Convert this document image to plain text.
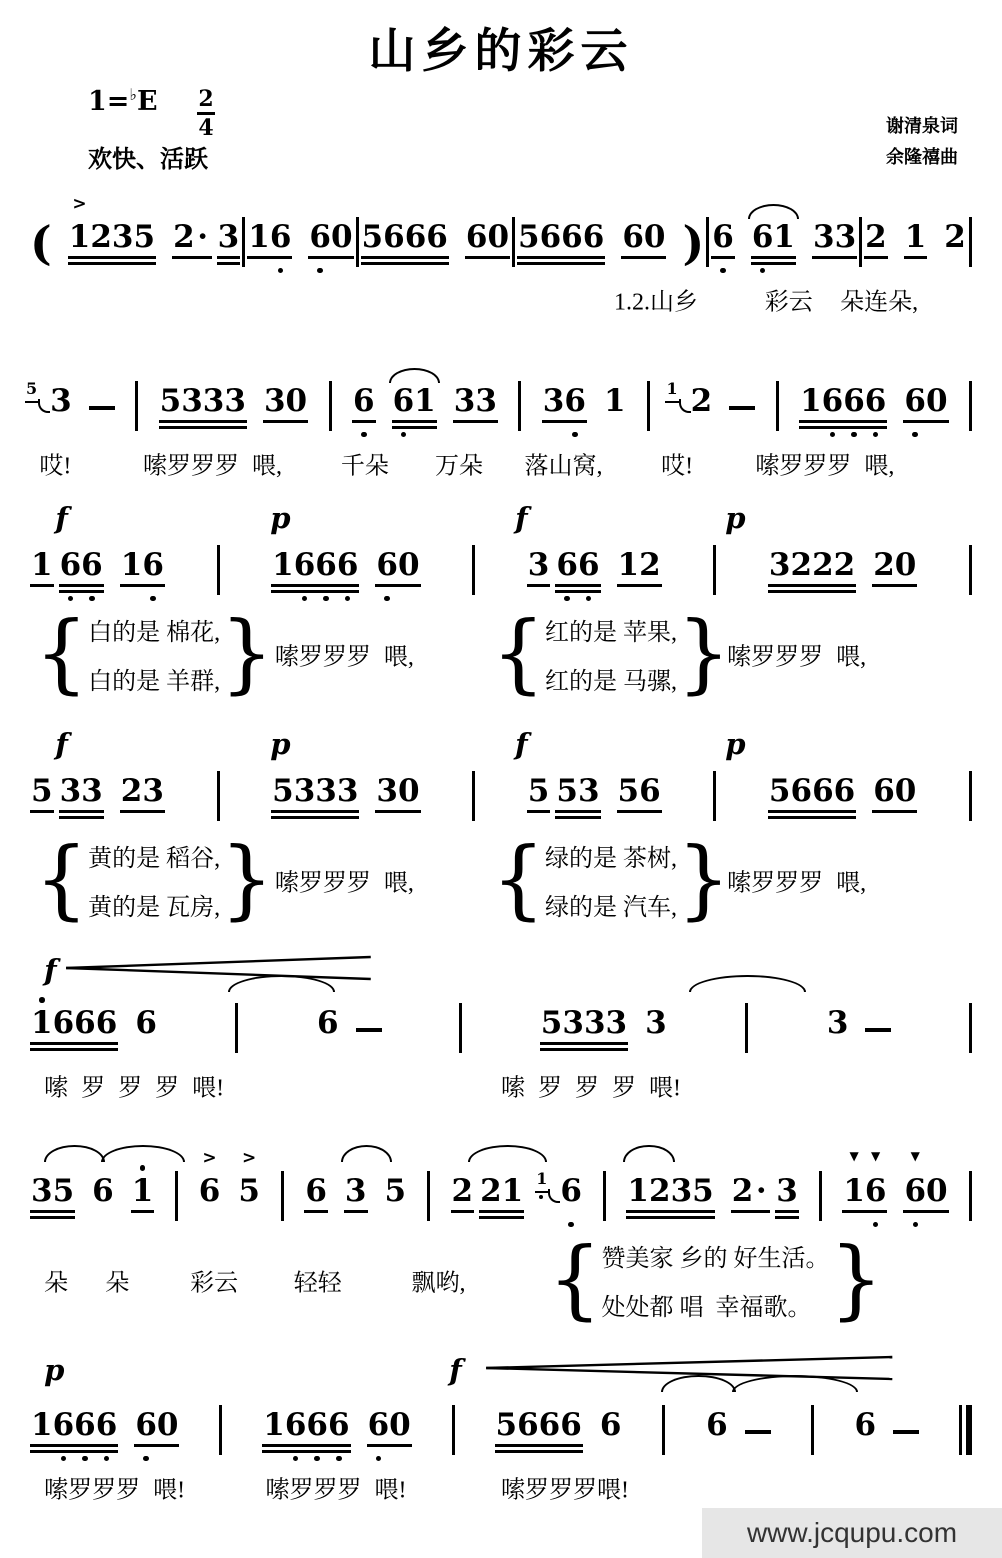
山乡的彩云
$1=^♭E \frac{2}{4}$
欢快、活跃
谢清泉词
余隆禧曲
( 1
>
235 2· 3 16 60 5666 60 5666 60 ) 6 61 33 2 1 2
1.2.山乡	彩云 朵连朵,
5 3	5333 30 6 61 33 36 1	1 2	1666 60
哎!	嗦罗罗罗 喂, 千朵 万朵 落山窝, 哎!	嗦罗罗罗 喂,
f	p	f	p
1 66 16	1666 60	3 66 12	3222 20
{ 白的是 棉花,
白的是 羊群, } 嗦罗罗罗 喂, { 红的是 苹果,
红的是 马骡, }
嗦罗罗罗 喂,
f	p	f	p
5 33 23	5333 30	5 53 56	5666 60
{ 黄的是 稻谷,
黄的是 瓦房, } 嗦罗罗罗 喂, { 绿的是 茶树,
绿的是 汽车, }
嗦罗罗罗 喂,
f
1666 6	6	5333 3	3
嗦 罗 罗 罗 喂!	嗦 罗 罗 罗 喂!
35 6 1 6
>
5
>
6 3 5 2 21 1 6 1235 2· 3 1
▼
6
▼
6
▼
0
朵 朵	彩云 轻轻	飘哟, { 赞美家 乡的 好生活。
处处都 唱  幸福歌。 }
p	f
1666 60	1666 60	5666 6	6	6
嗦罗罗罗 喂!	嗦罗罗罗 喂!	嗦罗罗罗喂!
www.jcqupu.com
